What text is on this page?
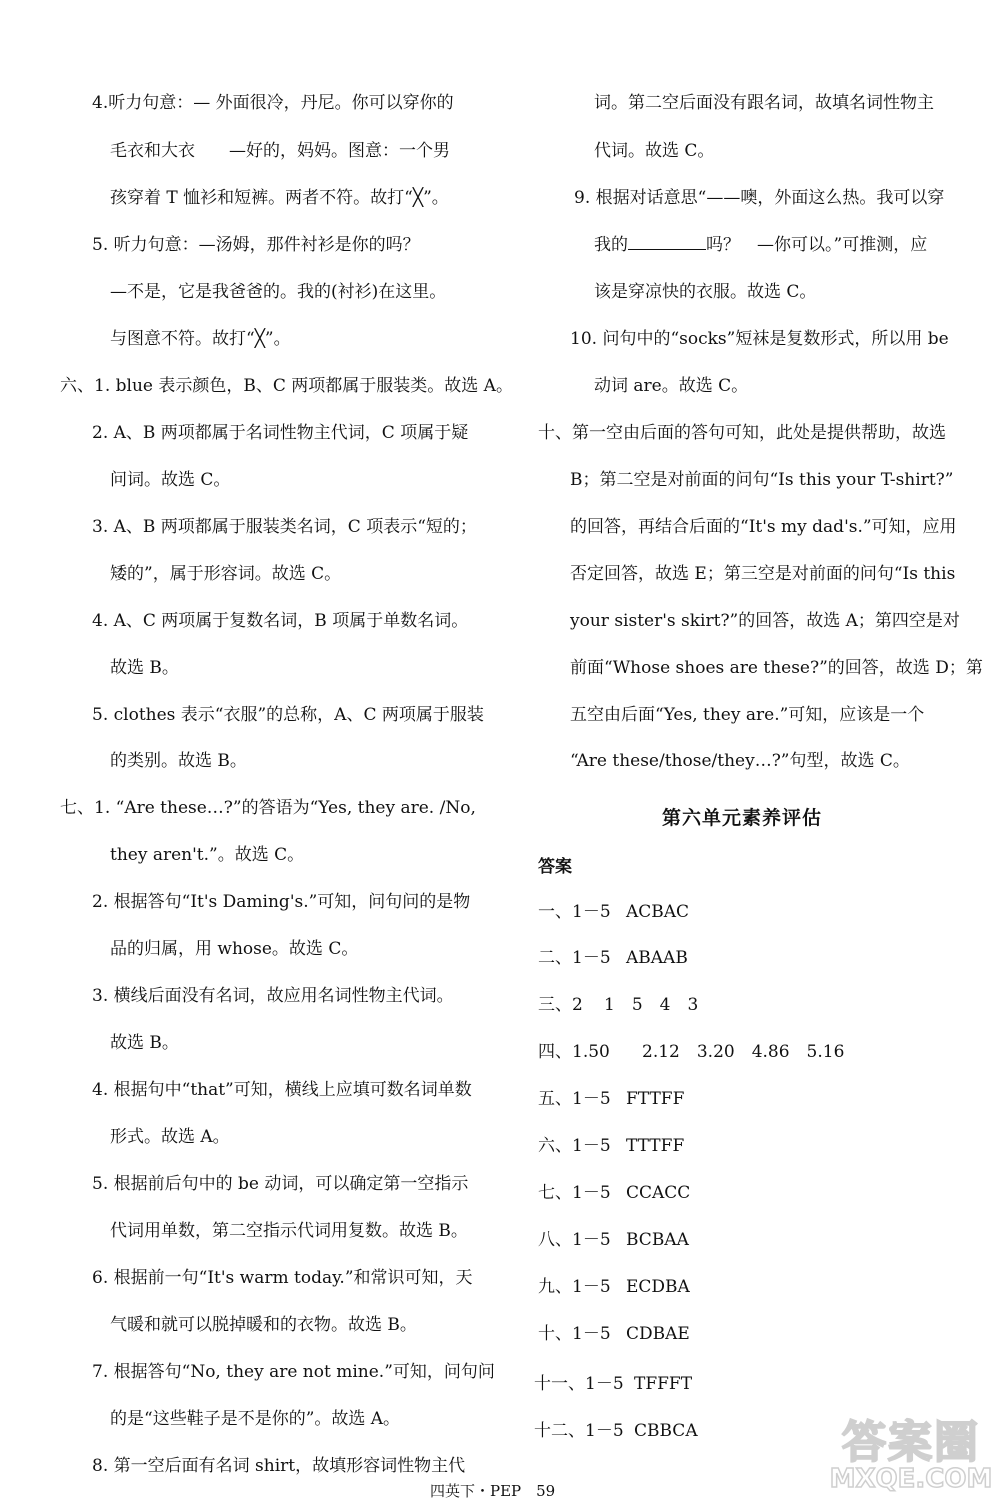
4.听力句意：— 外面很冷，丹尼。你可以穿你的
毛衣和大衣　　—好的，妈妈。图意：一个男
孩穿着 T 恤衫和短裤。两者不符。故打“╳”。
5. 听力句意：—汤姆，那件衬衫是你的吗？
—不是，它是我爸爸的。我的(衬衫)在这里。
与图意不符。故打“╳”。
六、1. blue 表示颜色，B、C 两项都属于服装类。故选 A。
2. A、B 两项都属于名词性物主代词，C 项属于疑
问词。故选 C。
3. A、B 两项都属于服装类名词，C 项表示“短的；
矮的”，属于形容词。故选 C。
4. A、C 两项属于复数名词，B 项属于单数名词。
故选 B。
5. clothes 表示“衣服”的总称，A、C 两项属于服装
的类别。故选 B。
七、1. “Are these…?”的答语为“Yes, they are. /No,
they aren't.”。故选 C。
2. 根据答句“It's Daming's.”可知，问句问的是物
品的归属，用 whose。故选 C。
3. 横线后面没有名词，故应用名词性物主代词。
故选 B。
4. 根据句中“that”可知，横线上应填可数名词单数
形式。故选 A。
5. 根据前后句中的 be 动词，可以确定第一空指示
代词用单数，第二空指示代词用复数。故选 B。
6. 根据前一句“It's warm today.”和常识可知，天
气暖和就可以脱掉暖和的衣物。故选 B。
7. 根据答句“No, they are not mine.”可知，问句问
的是“这些鞋子是不是你的”。故选 A。
8. 第一空后面有名词 shirt，故填形容词性物主代
词。第二空后面没有跟名词，故填名词性物主
代词。故选 C。
9. 根据对话意思“——噢，外面这么热。我可以穿
我的	吗？　—你可以。”可推测，应
该是穿凉快的衣服。故选 C。
10. 问句中的“socks”短袜是复数形式，所以用 be
动词 are。故选 C。
十、第一空由后面的答句可知，此处是提供帮助，故选
B；第二空是对前面的问句“Is this your T-shirt?”
的回答，再结合后面的“It's my dad's.”可知，应用
否定回答，故选 E；第三空是对前面的问句“Is this
your sister's skirt?”的回答，故选 A；第四空是对
前面“Whose shoes are these?”的回答，故选 D；第
五空由后面“Yes, they are.”可知，应该是一个
“Are these/those/they…?”句型，故选 C。
第六单元素养评估
答案
一、1－5 ACBAC
二、1－5 ABAAB
三、2 1　5　4　3
四、1.50 2.12　3.20　4.86　5.16
五、1－5 FTTFF
六、1－5 TTTFF
七、1－5 CCACC
八、1－5 BCBAA
九、1－5 ECDBA
十、1－5 CDBAE
十一、1－5 TFFFT
十二、1－5 CBBCA
四英下・PEP　59
答案圈
MXQE.COM
